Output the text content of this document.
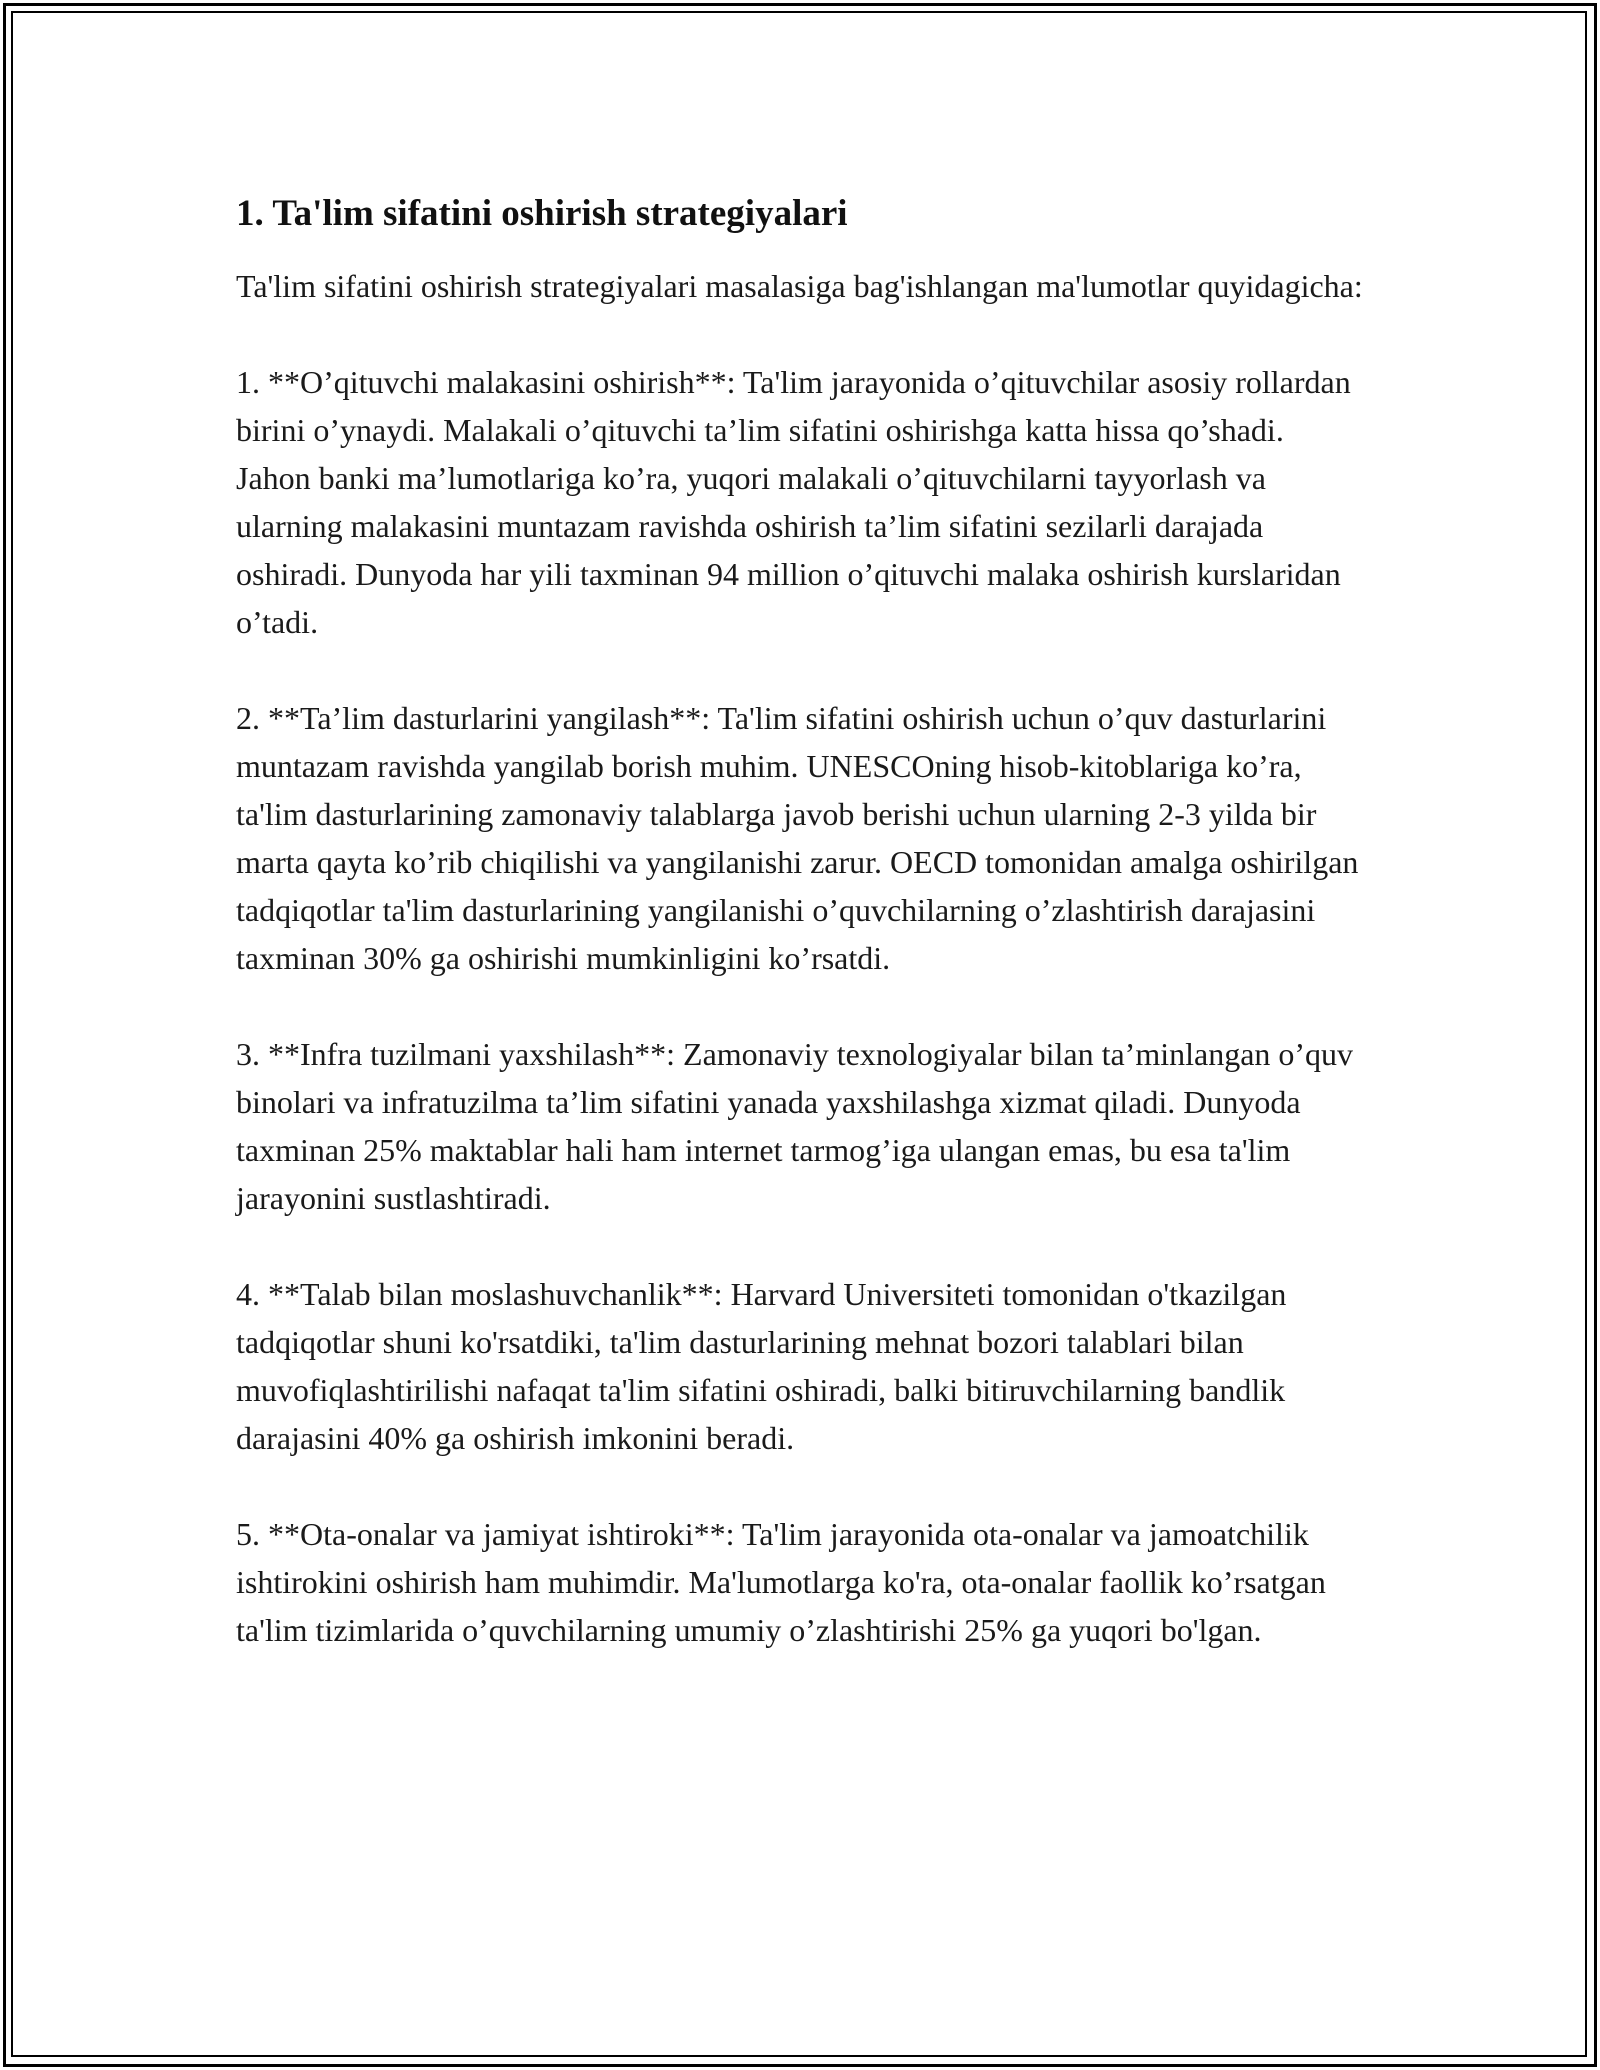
1. Ta'lim sifatini oshirish strategiyalari

Ta'lim sifatini oshirish strategiyalari masalasiga bag'ishlangan ma'lumotlar quyidagicha:

1. **O’qituvchi malakasini oshirish**: Ta'lim jarayonida o’qituvchilar asosiy rollardan birini o’ynaydi. Malakali o’qituvchi ta’lim sifatini oshirishga katta hissa qo’shadi. Jahon banki ma’lumotlariga ko’ra, yuqori malakali o’qituvchilarni tayyorlash va ularning malakasini muntazam ravishda oshirish ta’lim sifatini sezilarli darajada oshiradi. Dunyoda har yili taxminan 94 million o’qituvchi malaka oshirish kurslaridan o’tadi.

2. **Ta’lim dasturlarini yangilash**: Ta'lim sifatini oshirish uchun o’quv dasturlarini muntazam ravishda yangilab borish muhim. UNESCOning hisob-kitoblariga ko’ra, ta'lim dasturlarining zamonaviy talablarga javob berishi uchun ularning 2-3 yilda bir marta qayta ko’rib chiqilishi va yangilanishi zarur. OECD tomonidan amalga oshirilgan tadqiqotlar ta'lim dasturlarining yangilanishi o’quvchilarning o’zlashtirish darajasini taxminan 30% ga oshirishi mumkinligini ko’rsatdi.

3. **Infra tuzilmani yaxshilash**: Zamonaviy texnologiyalar bilan ta’minlangan o’quv binolari va infratuzilma ta’lim sifatini yanada yaxshilashga xizmat qiladi. Dunyoda taxminan 25% maktablar hali ham internet tarmog’iga ulangan emas, bu esa ta'lim jarayonini sustlashtiradi.

4. **Talab bilan moslashuvchanlik**: Harvard Universiteti tomonidan o'tkazilgan tadqiqotlar shuni ko'rsatdiki, ta'lim dasturlarining mehnat bozori talablari bilan muvofiqlashtirilishi nafaqat ta'lim sifatini oshiradi, balki bitiruvchilarning bandlik darajasini 40% ga oshirish imkonini beradi.

5. **Ota-onalar va jamiyat ishtiroki**: Ta'lim jarayonida ota-onalar va jamoatchilik ishtirokini oshirish ham muhimdir. Ma'lumotlarga ko'ra, ota-onalar faollik ko’rsatgan ta'lim tizimlarida o’quvchilarning umumiy o’zlashtirishi 25% ga yuqori bo'lgan.
